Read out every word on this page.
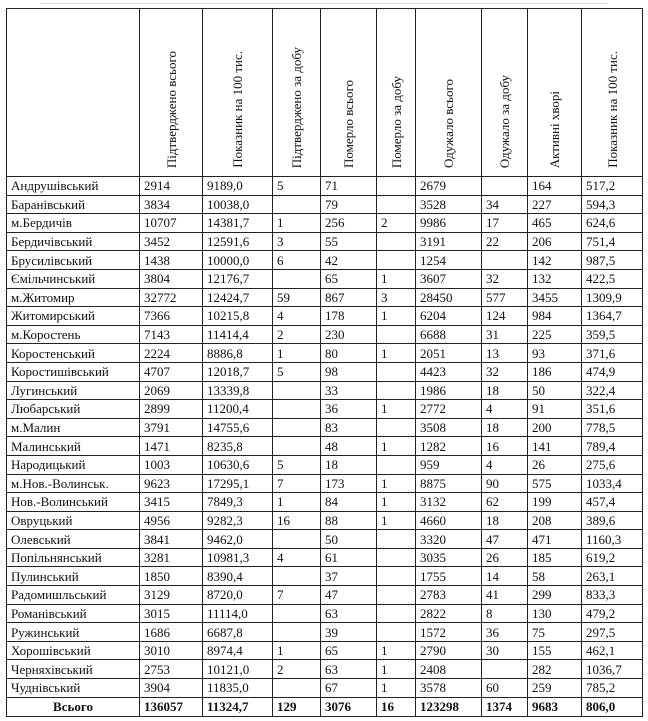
	Підтверджено всього	Показник на 100 тис.	Підтверджено за добу	Померло всього	Померло за добу	Одужало всього	Одужало за добу	Активні хворі	Показник на 100 тис.
Андрушівський	2914	9189,0	5	71		2679		164	517,2
Баранівський	3834	10038,0		79		3528	34	227	594,3
м.Бердичів	10707	14381,7	1	256	2	9986	17	465	624,6
Бердичівський	3452	12591,6	3	55		3191	22	206	751,4
Брусилівський	1438	10000,0	6	42		1254		142	987,5
Ємільчинський	3804	12176,7		65	1	3607	32	132	422,5
м.Житомир	32772	12424,7	59	867	3	28450	577	3455	1309,9
Житомирський	7366	10215,8	4	178	1	6204	124	984	1364,7
м.Коростень	7143	11414,4	2	230		6688	31	225	359,5
Коростенський	2224	8886,8	1	80	1	2051	13	93	371,6
Коростишівський	4707	12018,7	5	98		4423	32	186	474,9
Лугинський	2069	13339,8		33		1986	18	50	322,4
Любарський	2899	11200,4		36	1	2772	4	91	351,6
м.Малин	3791	14755,6		83		3508	18	200	778,5
Малинський	1471	8235,8		48	1	1282	16	141	789,4
Народицький	1003	10630,6	5	18		959	4	26	275,6
м.Нов.-Волинськ.	9623	17295,1	7	173	1	8875	90	575	1033,4
Нов.-Волинський	3415	7849,3	1	84	1	3132	62	199	457,4
Овруцький	4956	9282,3	16	88	1	4660	18	208	389,6
Олевський	3841	9462,0		50		3320	47	471	1160,3
Попільнянський	3281	10981,3	4	61		3035	26	185	619,2
Пулинський	1850	8390,4		37		1755	14	58	263,1
Радомишльський	3129	8720,0	7	47		2783	41	299	833,3
Романівський	3015	11114,0		63		2822	8	130	479,2
Ружинський	1686	6687,8		39		1572	36	75	297,5
Хорошівський	3010	8974,4	1	65	1	2790	30	155	462,1
Черняхівський	2753	10121,0	2	63	1	2408		282	1036,7
Чуднівський	3904	11835,0		67	1	3578	60	259	785,2
Всього	136057	11324,7	129	3076	16	123298	1374	9683	806,0
